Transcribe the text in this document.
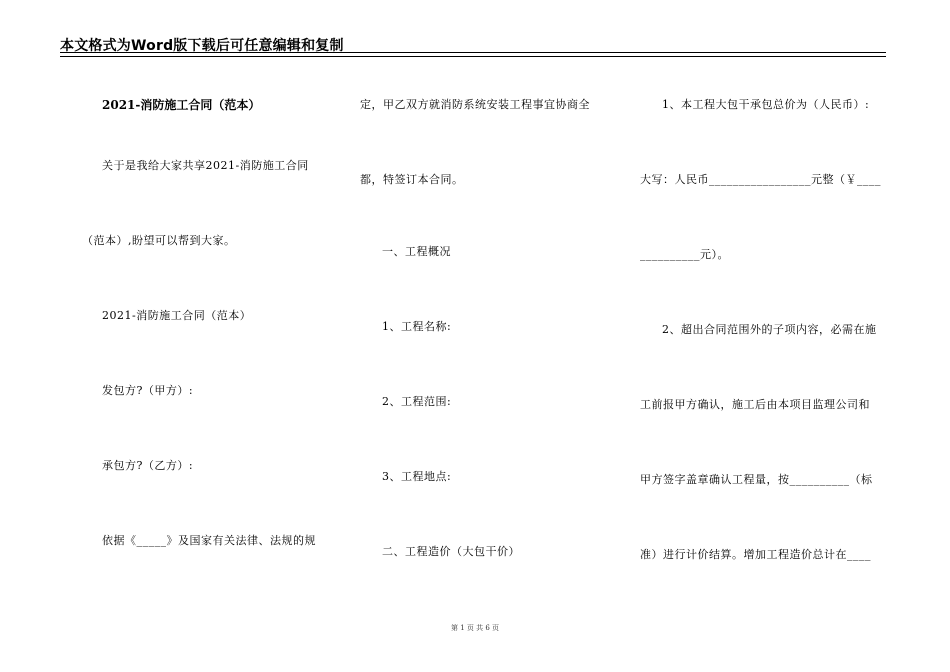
本文格式为Word版下载后可任意编辑和复制
2021-消防施工合同（范本）
关于是我给大家共享2021-消防施工合同
（范本）,盼望可以帮到大家。
2021-消防施工合同（范本）
发包方?（甲方）:
承包方?（乙方）:
依据《_____》及国家有关法律、法规的规
定，甲乙双方就消防系统安装工程事宜协商全
都，特签订本合同。
一、工程概况
1、工程名称:
2、工程范围:
3、工程地点:
二、工程造价（大包干价）
1、本工程大包干承包总价为（人民币）:
大写：人民币_________________元整（￥____
__________元）。
2、超出合同范围外的子项内容，必需在施
工前报甲方确认，施工后由本项目监理公司和
甲方签字盖章确认工程量，按__________（标
准）进行计价结算。增加工程造价总计在____
第 1 页 共 6 页
